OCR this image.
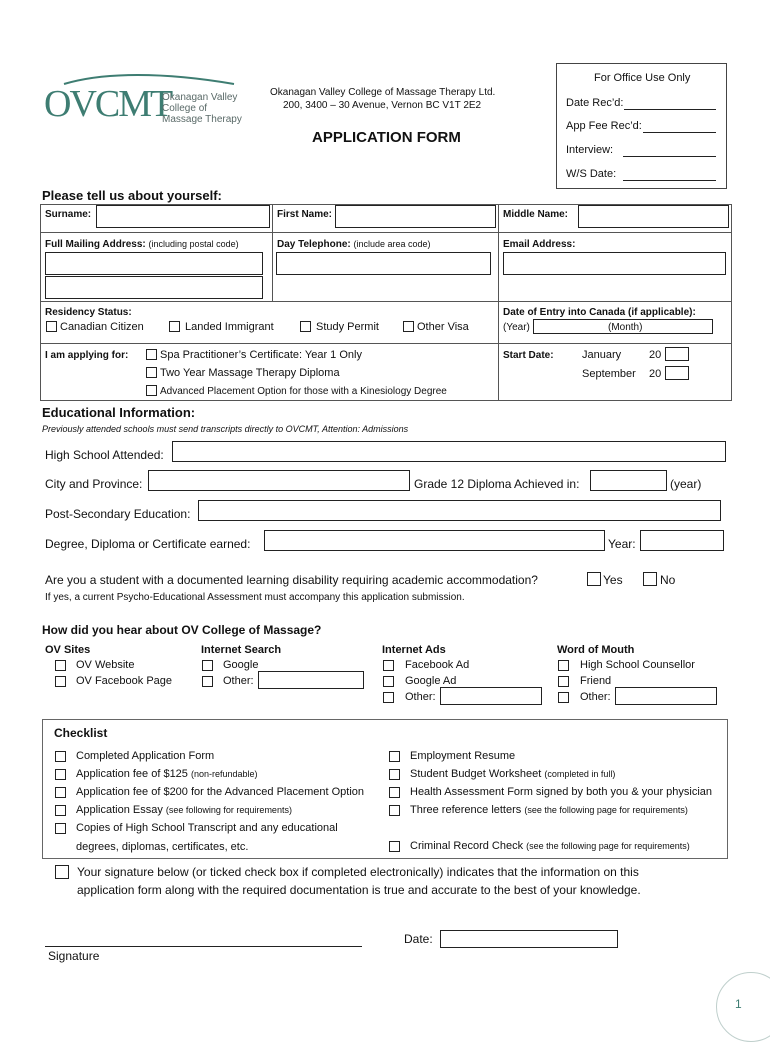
OVCMT
Okanagan Valley
College of
Massage Therapy
Okanagan Valley College of Massage Therapy Ltd.
200, 3400 – 30 Avenue, Vernon BC V1T 2E2
APPLICATION FORM
For Office Use Only
Date Rec’d:
App Fee Rec’d:
Interview:
W/S Date:
Please tell us about yourself:
Surname:	First Name:	Middle Name:
Full Mailing Address: (including postal code)	Day Telephone: (include area code)	Email Address:
Residency Status:
Canadian Citizen	Landed Immigrant	Study Permit	Other Visa
Date of Entry into Canada (if applicable):
(Year)	(Month)
I am applying for:	Spa Practitioner’s Certificate: Year 1 Only
Two Year Massage Therapy Diploma
Advanced Placement Option for those with a Kinesiology Degree
Start Date:	January	20
September 20
Educational Information:
Previously attended schools must send transcripts directly to OVCMT, Attention: Admissions
High School Attended:
City and Province:	Grade 12 Diploma Achieved in:	(year)
Post-Secondary Education:
Degree, Diploma or Certificate earned:	Year:
Are you a student with a documented learning disability requiring academic accommodation?	Yes	No
If yes, a current Psycho-Educational Assessment must accompany this application submission.
How did you hear about OV College of Massage?
OV Sites
OV Website
OV Facebook Page
Internet Search
Google
Other:
Internet Ads
Facebook Ad
Google Ad
Other:
Word of Mouth
High School Counsellor
Friend
Other:
Checklist
Completed Application Form
Application fee of $125 (non-refundable)
Application fee of $200 for the Advanced Placement Option
Application Essay (see following for requirements)
Copies of High School Transcript and any educational
degrees, diplomas, certificates, etc.
Employment Resume
Student Budget Worksheet (completed in full)
Health Assessment Form signed by both you & your physician
Three reference letters (see the following page for requirements)
Criminal Record Check (see the following page for requirements)
Your signature below (or ticked check box if completed electronically) indicates that the information on this
application form along with the required documentation is true and accurate to the best of your knowledge.
Signature
Date:
1
